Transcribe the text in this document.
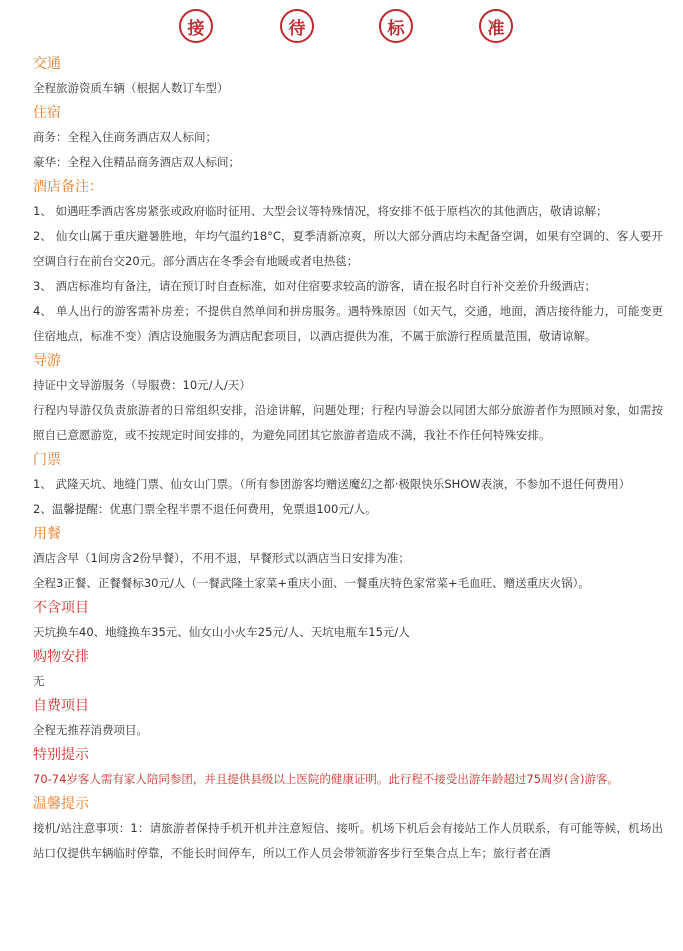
接	待	标	准

交通

全程旅游资质车辆（根据人数订车型）

住宿

商务：全程入住商务酒店双人标间；

豪华：全程入住精品商务酒店双人标间；

酒店备注：

1、 如遇旺季酒店客房紧张或政府临时征用、大型会议等特殊情况，将安排不低于原档次的其他酒店，敬请谅解；

2、 仙女山属于重庆避暑胜地，年均气温约18°C，夏季清新凉爽，所以大部分酒店均未配备空调，如果有空调的、客人要开空调自行在前台交20元。部分酒店在冬季会有地暖或者电热毯；

3、 酒店标准均有备注，请在预订时自查标准，如对住宿要求较高的游客，请在报名时自行补交差价升级酒店；

4、 单人出行的游客需补房差；不提供自然单间和拼房服务。遇特殊原因（如天气，交通，地面，酒店接待能力，可能变更住宿地点，标准不变）酒店设施服务为酒店配套项目，以酒店提供为准，不属于旅游行程质量范围，敬请谅解。

导游

持证中文导游服务（导服费：10元/人/天）

行程内导游仅负责旅游者的日常组织安排，沿途讲解，问题处理；行程内导游会以同团大部分旅游者作为照顾对象，如需按照自已意愿游览，或不按规定时间安排的，为避免同团其它旅游者造成不满，我社不作任何特殊安排。

门票

1、 武隆天坑、地缝门票、仙女山门票。（所有参团游客均赠送魔幻之都·极限快乐SHOW表演，不参加不退任何费用）

2、温馨提醒：优惠门票全程半票不退任何费用，免票退100元/人。

用餐

酒店含早（1间房含2份早餐），不用不退，早餐形式以酒店当日安排为准；

全程3正餐、正餐餐标30元/人（一餐武隆土家菜+重庆小面、一餐重庆特色家常菜+毛血旺、赠送重庆火锅）。

不含项目

天坑换车40、地缝换车35元、仙女山小火车25元/人、天坑电瓶车15元/人

购物安排

无

自费项目

全程无推荐消费项目。

特别提示

70-74岁客人需有家人陪同参团，并且提供县级以上医院的健康证明。此行程不接受出游年龄超过75周岁(含)游客。

温馨提示

接机/站注意事项：1：请旅游者保持手机开机并注意短信、接听。机场下机后会有接站工作人员联系，有可能等候，机场出站口仅提供车辆临时停靠，不能长时间停车，所以工作人员会带领游客步行至集合点上车；旅行者在酒
